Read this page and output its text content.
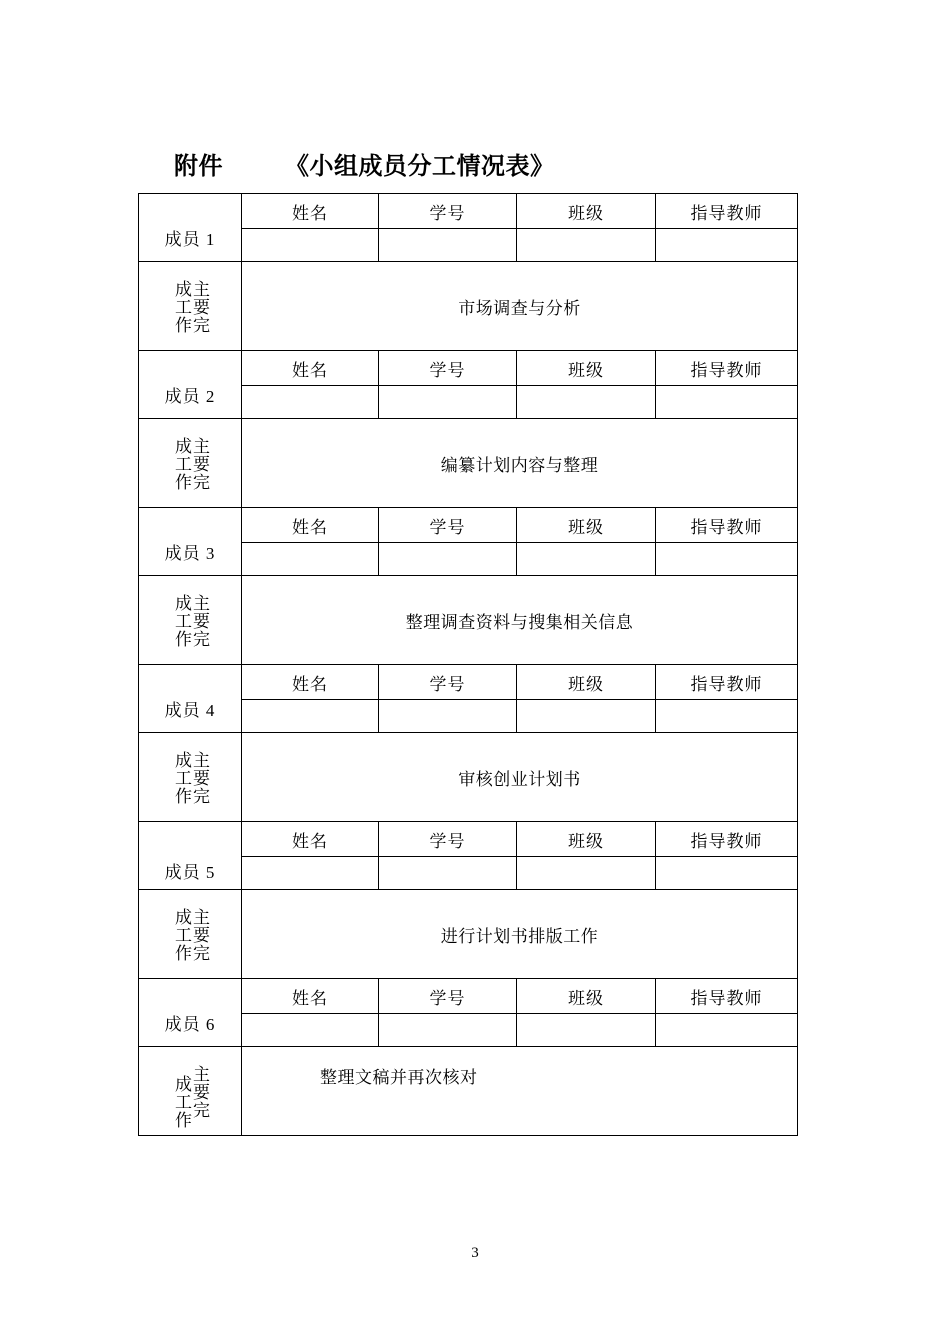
附件	《小组成员分工情况表》

成员 1	姓名	学号	班级	指导教师

主要完成工作	市场调查与分析			

成员 2	姓名	学号	班级	指导教师

主要完成工作	编纂计划内容与整理			

成员 3	姓名	学号	班级	指导教师

主要完成工作	整理调查资料与搜集相关信息			

成员 4	姓名	学号	班级	指导教师

主要完成工作	审核创业计划书			

成员 5	姓名	学号	班级	指导教师

主要完成工作	进行计划书排版工作			

成员 6	姓名	学号	班级	指导教师

主要完成工作	整理文稿并再次核对			
3
